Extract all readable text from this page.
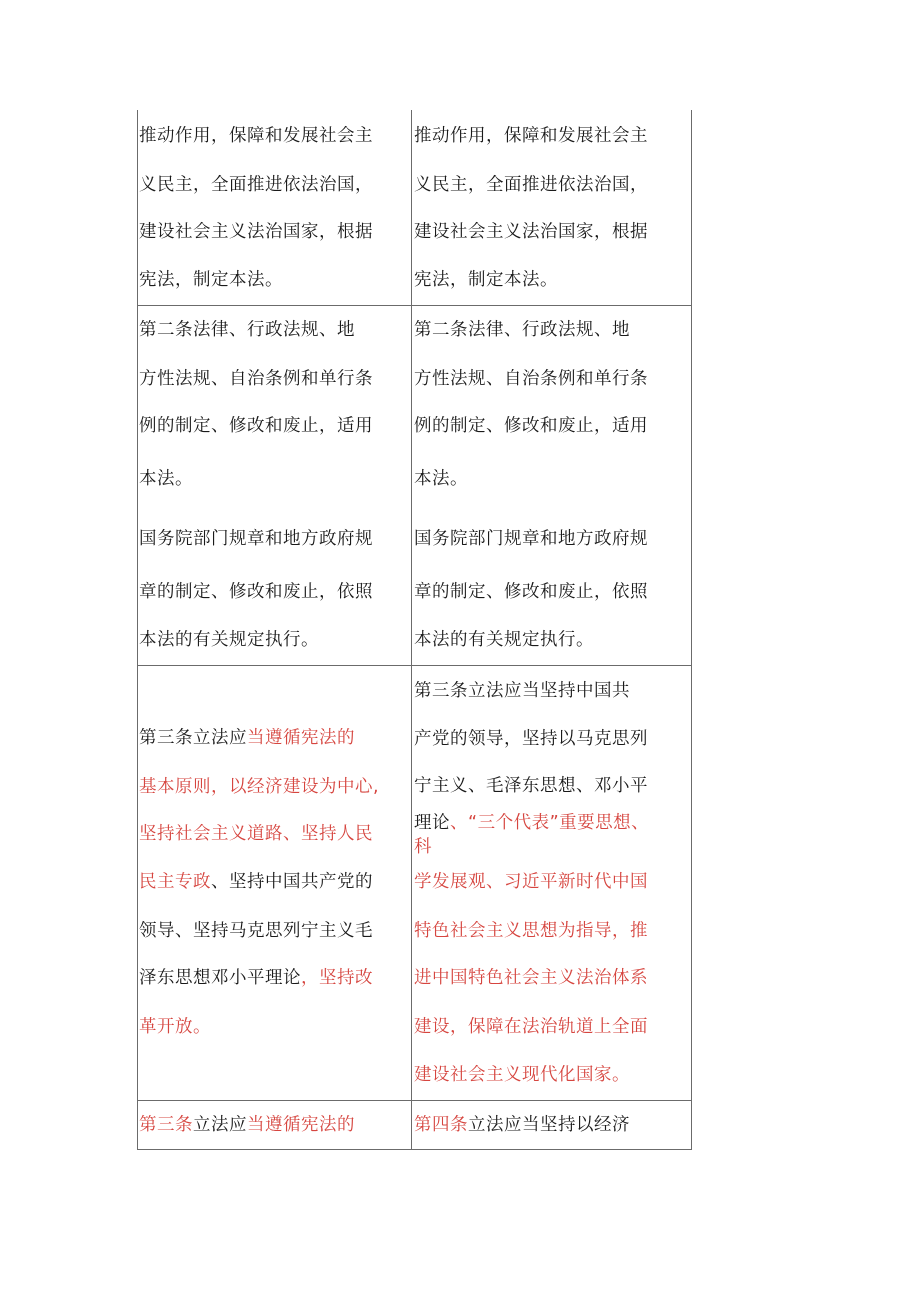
推动作用，保障和发展社会主
义民主，全面推进依法治国，
建设社会主义法治国家，根据
宪法，制定本法。
推动作用，保障和发展社会主
义民主，全面推进依法治国，
建设社会主义法治国家，根据
宪法，制定本法。
第二条法律、行政法规、地
方性法规、自治条例和单行条
例的制定、修改和废止，适用
本法。
国务院部门规章和地方政府规
章的制定、修改和废止，依照
本法的有关规定执行。
第二条法律、行政法规、地
方性法规、自治条例和单行条
例的制定、修改和废止，适用
本法。
国务院部门规章和地方政府规
章的制定、修改和废止，依照
本法的有关规定执行。
第三条立法应当遵循宪法的
基本原则，以经济建设为中心,
坚持社会主义道路、坚持人民
民主专政、坚持中国共产党的
领导、坚持马克思列宁主义毛
泽东思想邓小平理论，坚持改
革开放。
第三条立法应当坚持中国共
产党的领导，坚持以马克思列
宁主义、毛泽东思想、邓小平
理论、“三个代表”重要思想、
科
学发展观、习近平新时代中国
特色社会主义思想为指导，推
进中国特色社会主义法治体系
建设，保障在法治轨道上全面
建设社会主义现代化国家。
第三条立法应当遵循宪法的	第四条立法应当坚持以经济
